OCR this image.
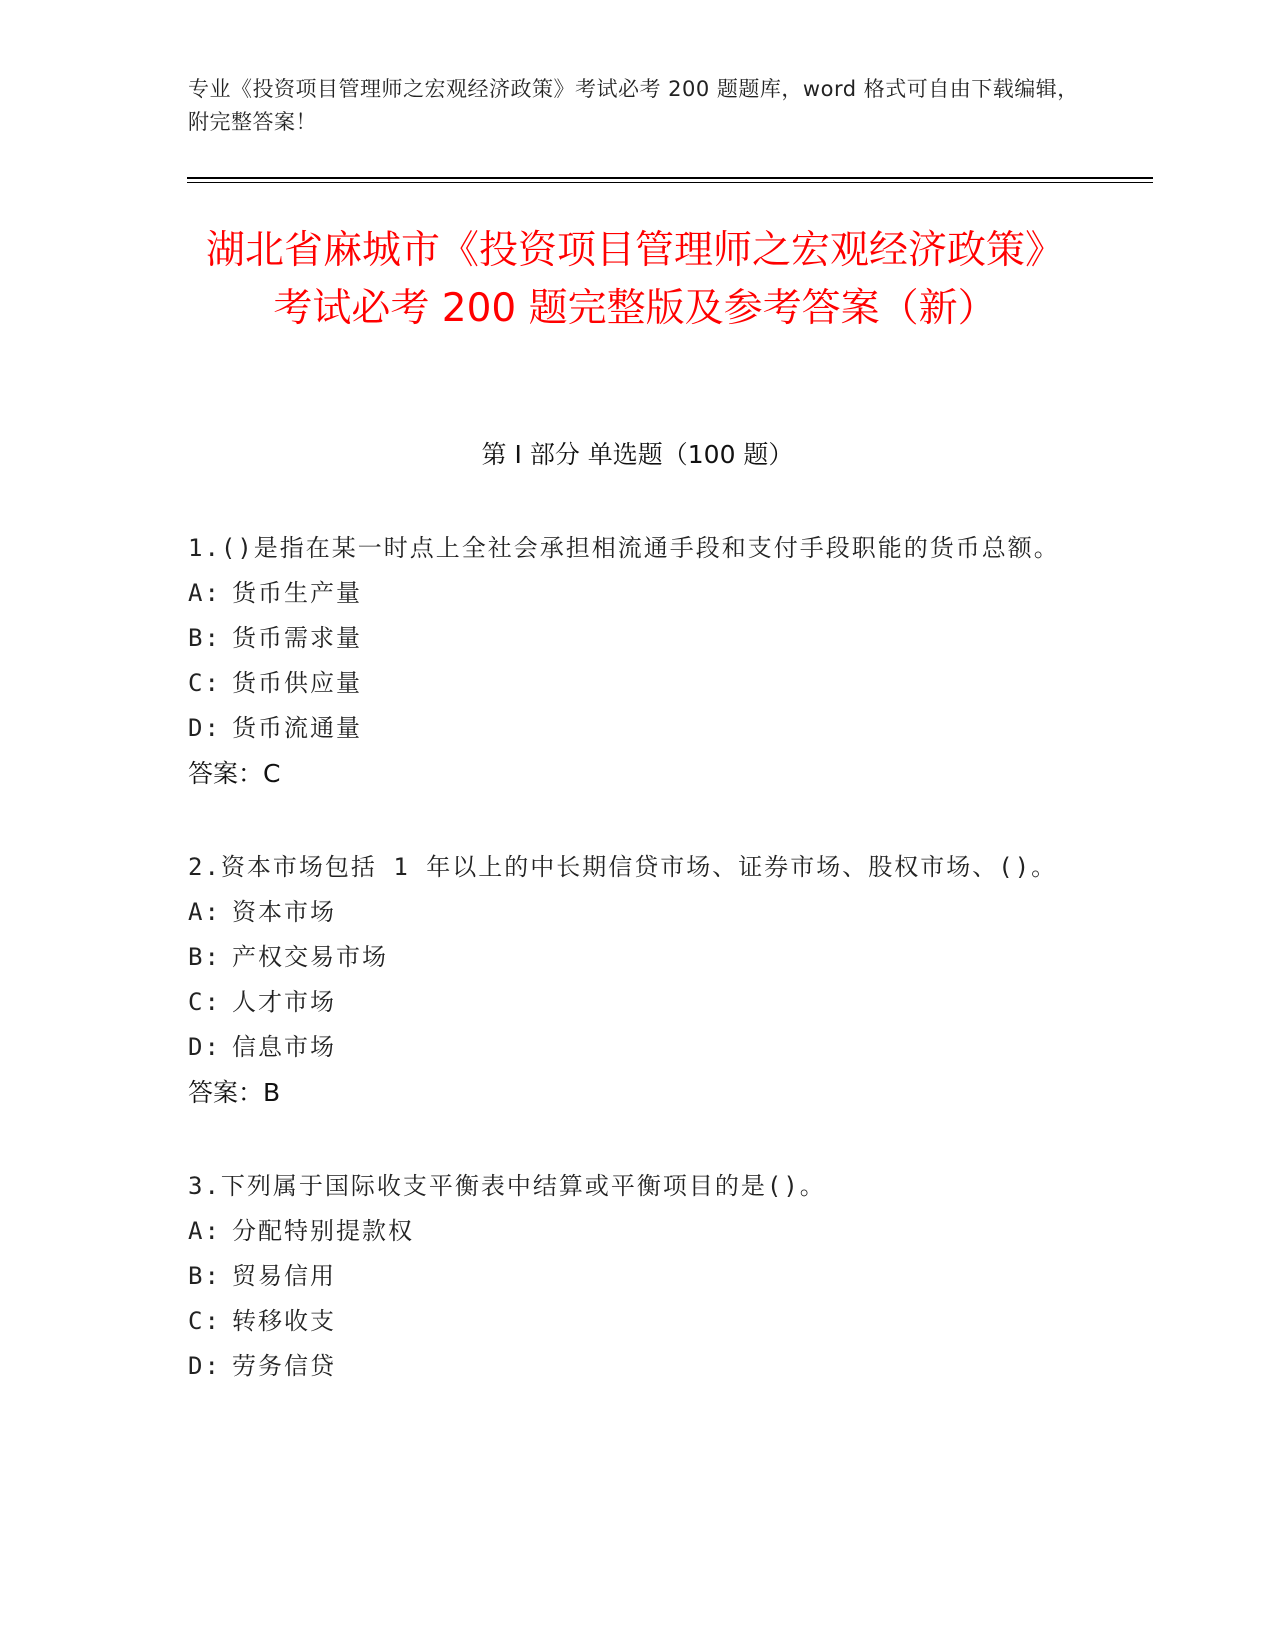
专业《投资项目管理师之宏观经济政策》考试必考 200 题题库，word 格式可自由下载编辑，附完整答案！
湖北省麻城市《投资项目管理师之宏观经济政策》考试必考 200 题完整版及参考答案（新）
第 I 部分 单选题（100 题）

1.()是指在某一时点上全社会承担相流通手段和支付手段职能的货币总额。

A: 货币生产量

B: 货币需求量

C: 货币供应量

D: 货币流通量

答案：C

2.资本市场包括 1 年以上的中长期信贷市场、证券市场、股权市场、()。

A: 资本市场

B: 产权交易市场

C: 人才市场

D: 信息市场

答案：B

3.下列属于国际收支平衡表中结算或平衡项目的是()。

A: 分配特别提款权

B: 贸易信用

C: 转移收支

D: 劳务信贷
